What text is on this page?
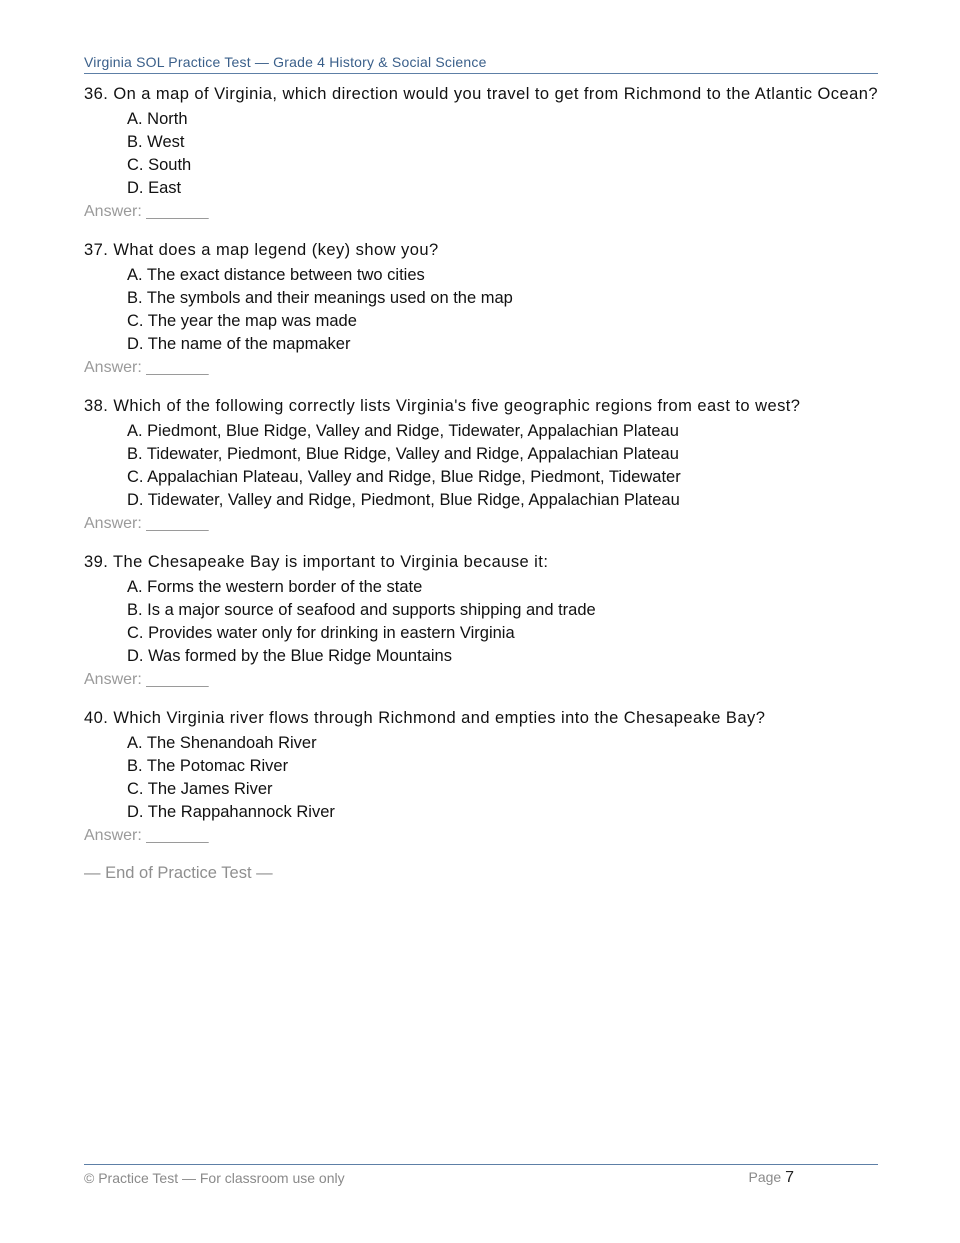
Virginia SOL Practice Test — Grade 4 History & Social Science
36. On a map of Virginia, which direction would you travel to get from Richmond to the Atlantic Ocean?
A. North
B. West
C. South
D. East
Answer: _______
37. What does a map legend (key) show you?
A. The exact distance between two cities
B. The symbols and their meanings used on the map
C. The year the map was made
D. The name of the mapmaker
Answer: _______
38. Which of the following correctly lists Virginia's five geographic regions from east to west?
A. Piedmont, Blue Ridge, Valley and Ridge, Tidewater, Appalachian Plateau
B. Tidewater, Piedmont, Blue Ridge, Valley and Ridge, Appalachian Plateau
C. Appalachian Plateau, Valley and Ridge, Blue Ridge, Piedmont, Tidewater
D. Tidewater, Valley and Ridge, Piedmont, Blue Ridge, Appalachian Plateau
Answer: _______
39. The Chesapeake Bay is important to Virginia because it:
A. Forms the western border of the state
B. Is a major source of seafood and supports shipping and trade
C. Provides water only for drinking in eastern Virginia
D. Was formed by the Blue Ridge Mountains
Answer: _______
40. Which Virginia river flows through Richmond and empties into the Chesapeake Bay?
A. The Shenandoah River
B. The Potomac River
C. The James River
D. The Rappahannock River
Answer: _______
— End of Practice Test —
© Practice Test — For classroom use only	Page 7
